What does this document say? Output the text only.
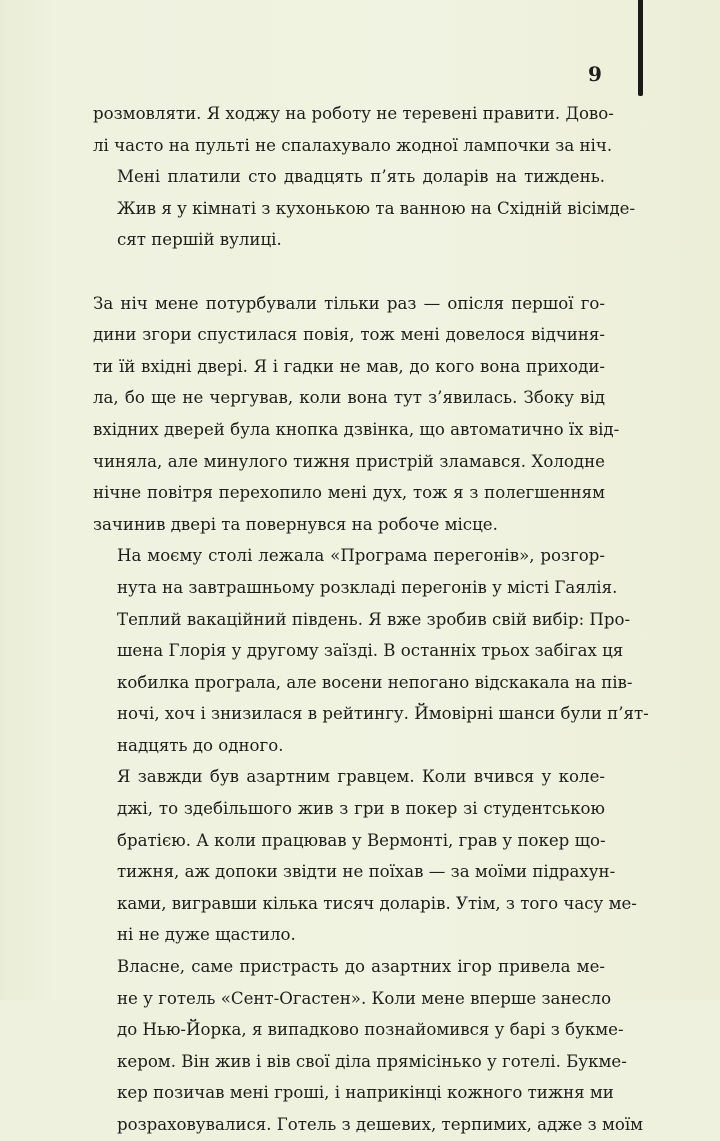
9

розмовляти. Я ходжу на роботу не теревені правити. Дово-
лі часто на пульті не спалахувало жодної лампочки за ніч.

Мені платили сто двадцять п’ять доларів на тиждень.
Жив я у кімнаті з кухонькою та ванною на Східній вісімде-
сят першій вулиці.

За ніч мене потурбували тільки раз — опісля першої го-
дини згори спустилася повія, тож мені довелося відчиня-
ти їй вхідні двері. Я і гадки не мав, до кого вона приходи-
ла, бо ще не чергував, коли вона тут з’явилась. Збоку від
вхідних дверей була кнопка дзвінка, що автоматично їх від-
чиняла, але минулого тижня пристрій зламався. Холодне
нічне повітря перехопило мені дух, тож я з полегшенням
зачинив двері та повернувся на робоче місце.

На моєму столі лежала «Програма перегонів», розгор-
нута на завтрашньому розкладі перегонів у місті Гаялія.
Теплий вакаційний південь. Я вже зробив свій вибір: Про-
шена Глорія у другому заїзді. В останніх трьох забігах ця
кобилка програла, але восени непогано відскакала на пів-
ночі, хоч і знизилася в рейтингу. Ймовірні шанси були п’ят-
надцять до одного.

Я завжди був азартним гравцем. Коли вчився у коле-
джі, то здебільшого жив з гри в покер зі студентською
братією. А коли працював у Вермонті, грав у покер що-
тижня, аж допоки звідти не поїхав — за моїми підрахун-
ками, вигравши кілька тисяч доларів. Утім, з того часу ме-
ні не дуже щастило.

Власне, саме пристрасть до азартних ігор привела ме-
не у готель «Сент-Огастен». Коли мене вперше занесло
до Нью-Йорка, я випадково познайомився у барі з букме-
кером. Він жив і вів свої діла прямісінько у готелі. Букме-
кер позичав мені гроші, і наприкінці кожного тижня ми
розраховувалися. Готель з дешевих, терпимих, адже з моїм
